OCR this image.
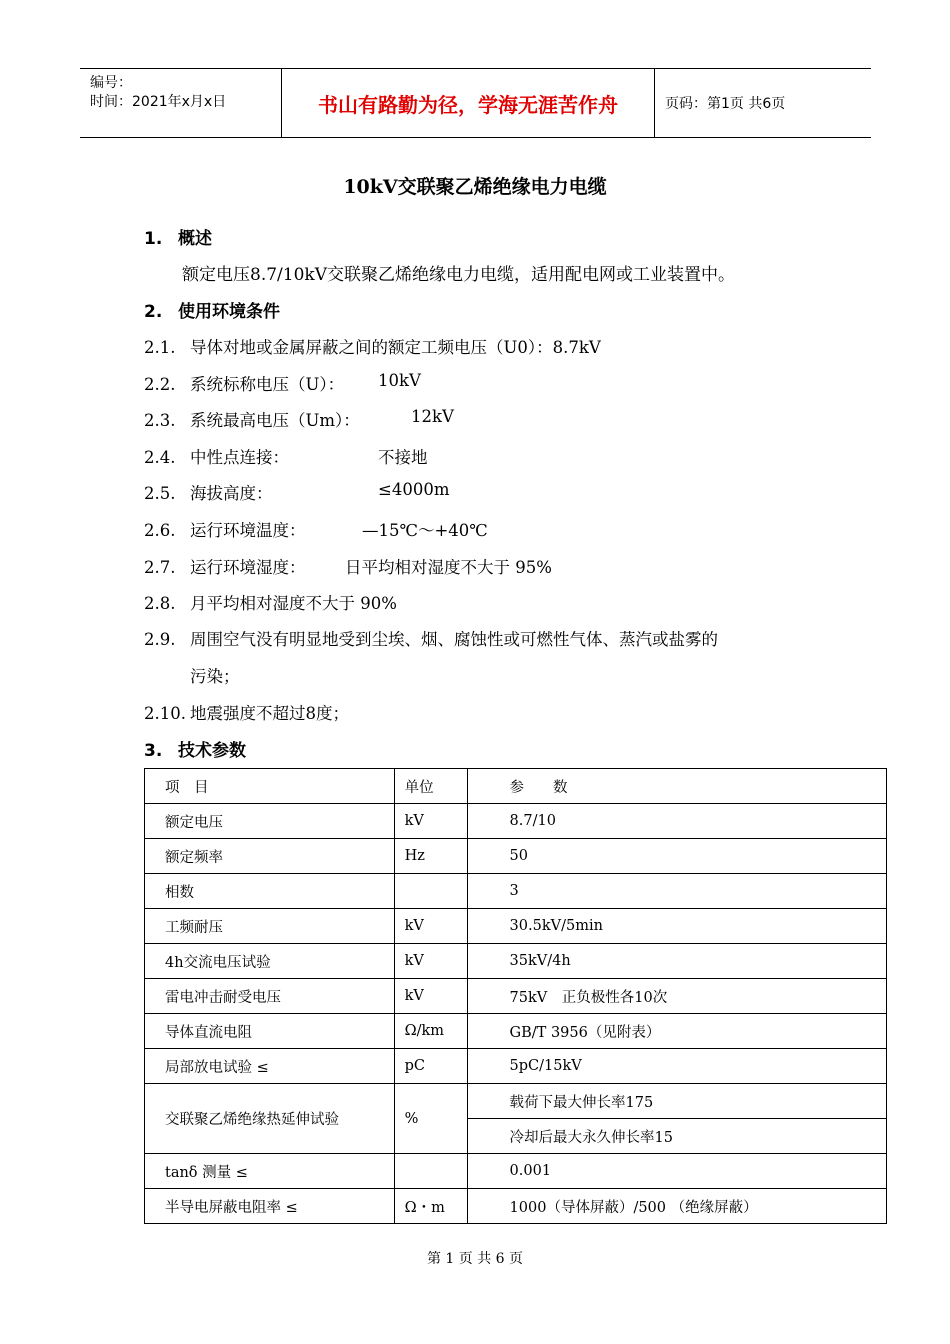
编号：
时间：2021年x月x日	书山有路勤为径，学海无涯苦作舟	页码：第1页 共6页
10kV交联聚乙烯绝缘电力电缆
1. 概述
额定电压8.7/10kV交联聚乙烯绝缘电力电缆，适用配电网或工业装置中。
2. 使用环境条件
2.1. 导体对地或金属屏蔽之间的额定工频电压（U0）：8.7kV
2.2. 系统标称电压（U）： 10kV
2.3. 系统最高电压（Um）：	12kV
2.4. 中性点连接：	不接地
2.5. 海拔高度：	≤4000m
2.6. 运行环境温度：	—15℃～+40℃
2.7. 运行环境湿度： 日平均相对湿度不大于 95%
2.8. 月平均相对湿度不大于 90%
2.9. 周围空气没有明显地受到尘埃、烟、腐蚀性或可燃性气体、蒸汽或盐雾的
污染；
2.10. 地震强度不超过8度；
3. 技术参数
项　目	单位	参　　数
额定电压	kV	8.7/10
额定频率	Hz	50
相数		3
工频耐压	kV	30.5kV/5min
4h交流电压试验	kV	35kV/4h
雷电冲击耐受电压	kV	75kV　正负极性各10次
导体直流电阻	Ω/km	GB/T 3956（见附表）
局部放电试验 ≤	pC	5pC/15kV
交联聚乙烯绝缘热延伸试验	%	载荷下最大伸长率175
		冷却后最大永久伸长率15
tanδ 测量 ≤		0.001
半导电屏蔽电阻率 ≤	Ω・m	1000（导体屏蔽）/500 （绝缘屏蔽）
第 1 页 共 6 页
